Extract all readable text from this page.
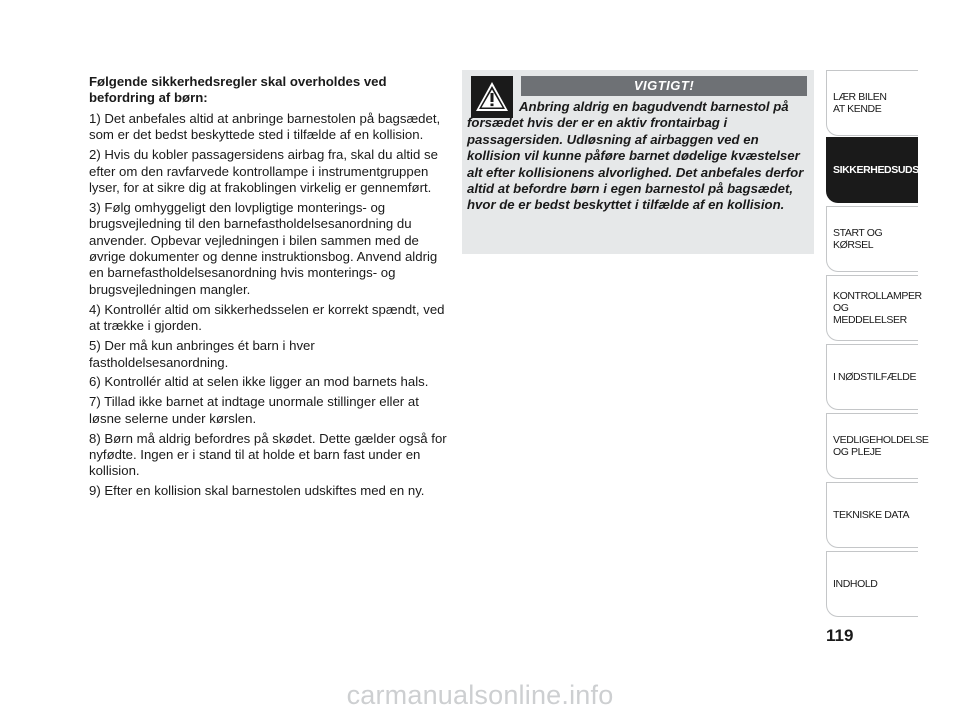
Følgende sikkerhedsregler skal overholdes ved befordring af børn:

1) Det anbefales altid at anbringe barnestolen på bagsædet, som er det bedst beskyttede sted i tilfælde af en kollision.

2) Hvis du kobler passagersidens airbag fra, skal du altid se efter om den ravfarvede kontrollampe i instrumentgruppen lyser, for at sikre dig at frakoblingen virkelig er gennemført.

3) Følg omhyggeligt den lovpligtige monterings- og brugsvejledning til den barnefastholdelsesanordning du anvender. Opbevar vejledningen i bilen sammen med de øvrige dokumenter og denne instruktionsbog. Anvend aldrig en barnefastholdelsesanordning hvis monterings- og brugsvejledningen mangler.

4) Kontrollér altid om sikkerhedsselen er korrekt spændt, ved at trække i gjorden.

5) Der må kun anbringes ét barn i hver fastholdelsesanordning.

6) Kontrollér altid at selen ikke ligger an mod barnets hals.

7) Tillad ikke barnet at indtage unormale stillinger eller at løsne selerne under kørslen.

8) Børn må aldrig befordres på skødet. Dette gælder også for nyfødte. Ingen er i stand til at holde et barn fast under en kollision.

9) Efter en kollision skal barnestolen udskiftes med en ny.

VIGTIGT!

Anbring aldrig en bagudvendt barnestol på forsædet hvis der er en aktiv frontairbag i passagersiden. Udløsning af airbaggen ved en kollision vil kunne påføre barnet dødelige kvæstelser alt efter kollisionens alvorlighed. Det anbefales derfor altid at befordre børn i egen barnestol på bagsædet, hvor de er bedst beskyttet i tilfælde af en kollision.

LÆR BILEN
AT KENDE
SIKKERHEDSUDSTYR
START OG KØRSEL
KONTROLLAMPER
OG MEDDELELSER
I NØDSTILFÆLDE
VEDLIGEHOLDELSE
OG PLEJE
TEKNISKE DATA
INDHOLD
119
carmanualsonline.info
